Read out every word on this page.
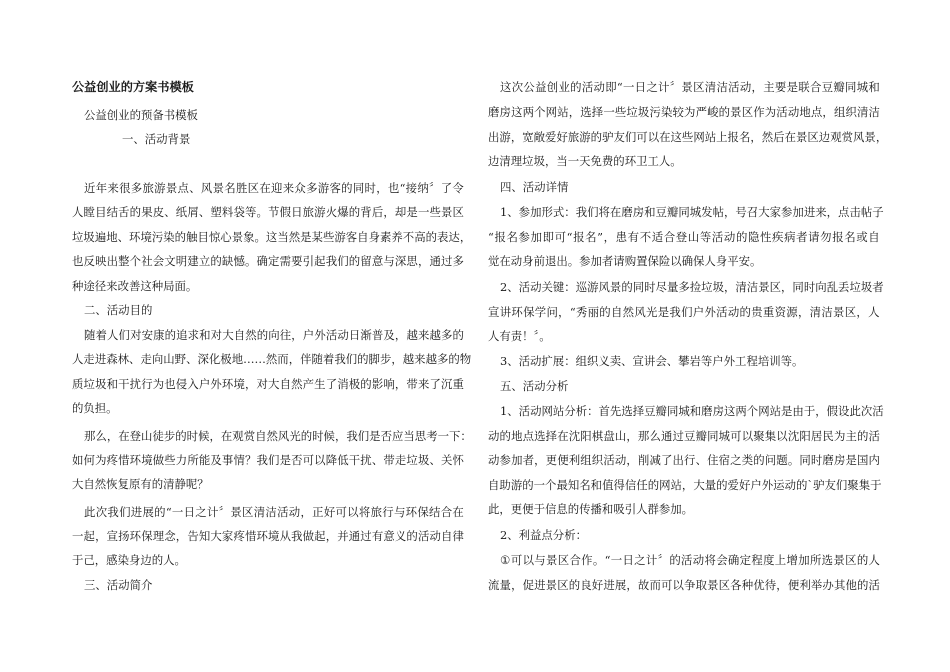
公益创业的方案书模板
公益创业的预备书模板
一、活动背景
近 年 来 很 多 旅 游 景 点 、 风 景 名 胜 区 在 迎 来 众 多 游 客 的 同 时 ， 也 “ 接 纳 〞 了 令
人 瞠 目 结 舌 的 果 皮 、 纸 屑 、 塑 料 袋 等 。 节 假 日 旅 游 火 爆 的 背 后 ， 却 是 一 些 景 区
垃 圾 遍 地 、 环 境 污 染 的 触 目 惊 心 景 象 。 这 当 然 是 某 些 游 客 自 身 素 养 不 高 的 表 达 ，
也 反 映 出 整 个 社 会 文 明 建 立 的 缺 憾 。 确 定 需 要 引 起 我 们 的 留 意 与 深 思 ， 通 过 多
种途径来改善这种局面。
二、活动目的
随 着 人 们 对 安 康 的 追 求 和 对 大 自 然 的 向 往 ， 户 外 活 动 日 渐 普 及 ， 越 来 越 多 的
人 走 进 森 林 、 走 向 山 野 、 深 化 极 地 … … 然 而 ， 伴 随 着 我 们 的 脚 步 ， 越 来 越 多 的 物
质 垃 圾 和 干 扰 行 为 也 侵 入 户 外 环 境 ， 对 大 自 然 产 生 了 消 极 的 影 响 ， 带 来 了 沉 重
的负担。
那 么 ， 在 登 山 徒 步 的 时 候 ， 在 观 赏 自 然 风 光 的 时 候 ， 我 们 是 否 应 当 思 考 一 下 ：
如 何 为 疼 惜 环 境 做 些 力 所 能 及 事 情 ？ 我 们 是 否 可 以 降 低 干 扰 、 带 走 垃 圾 、 关 怀
大自然恢复原有的清静呢？
此 次 我 们 进 展 的 “ 一 日 之 计 〞 景 区 清 洁 活 动 ， 正 好 可 以 将 旅 行 与 环 保 结 合 在
一 起 ， 宣 扬 环 保 理 念 ， 告 知 大 家 疼 惜 环 境 从 我 做 起 ， 并 通 过 有 意 义 的 活 动 自 律
于己，感染身边的人。
三、活动简介
这 次 公 益 创 业 的 活 动 即 “ 一 日 之 计 〞 景 区 清 洁 活 动 ， 主 要 是 联 合 豆 瓣 同 城 和
磨 房 这 两 个 网 站 ， 选 择 一 些 垃 圾 污 染 较 为 严 峻 的 景 区 作 为 活 动 地 点 ， 组 织 清 洁
出 游 ， 宽 敞 爱 好 旅 游 的 驴 友 们 可 以 在 这 些 网 站 上 报 名 ， 然 后 在 景 区 边 观 赏 风 景 ，
边清理垃圾，当一天免费的环卫工人。
四、活动详情
1 、 参 加 形 式 ： 我 们 将 在 磨 房 和 豆 瓣 同 城 发 帖 ， 号 召 大 家 参 加 进 来 ， 点 击 帖 子
“ 报 名 参 加 即 可 “ 报 名 ” ， 患 有 不 适 合 登 山 等 活 动 的 隐 性 疾 病 者 请 勿 报 名 或 自
觉在动身前退出。参加者请购置保险以确保人身平安。
2 、 活 动 关 键 ： 巡 游 风 景 的 同 时 尽 量 多 捡 垃 圾 ， 清 洁 景 区 ， 同 时 向 乱 丢 垃 圾 者
宣 讲 环 保 学 问 ， “ 秀 丽 的 自 然 风 光 是 我 们 户 外 活 动 的 贵 重 资 源 ， 清 洁 景 区 ， 人
人有责！〞。
3、活动扩展：组织义卖、宣讲会、攀岩等户外工程培训等。
五、活动分析
1 、 活 动 网 站 分 析 ： 首 先 选 择 豆 瓣 同 城 和 磨 房 这 两 个 网 站 是 由 于 ， 假 设 此 次 活
动 的 地 点 选 择 在 沈 阳 棋 盘 山 ， 那 么 通 过 豆 瓣 同 城 可 以 聚 集 以 沈 阳 居 民 为 主 的 活
动 参 加 者 ， 更 便 利 组 织 活 动 ， 削 减 了 出 行 、 住 宿 之 类 的 问 题 。 同 时 磨 房 是 国 内
自 助 游 的 一 个 最 知 名 和 值 得 信 任 的 网 站 ， 大 量 的 爱 好 户 外 运 动 的 ` 驴 友 们 聚 集 于
此，更便于信息的传播和吸引人群参加。
2、利益点分析：
① 可 以 与 景 区 合 作 。 “ 一 日 之 计 〞 的 活 动 将 会 确 定 程 度 上 增 加 所 选 景 区 的 人
流 量 ， 促 进 景 区 的 良 好 进 展 ， 故 而 可 以 争 取 景 区 各 种 优 待 ， 便 利 举 办 其 他 的 活
